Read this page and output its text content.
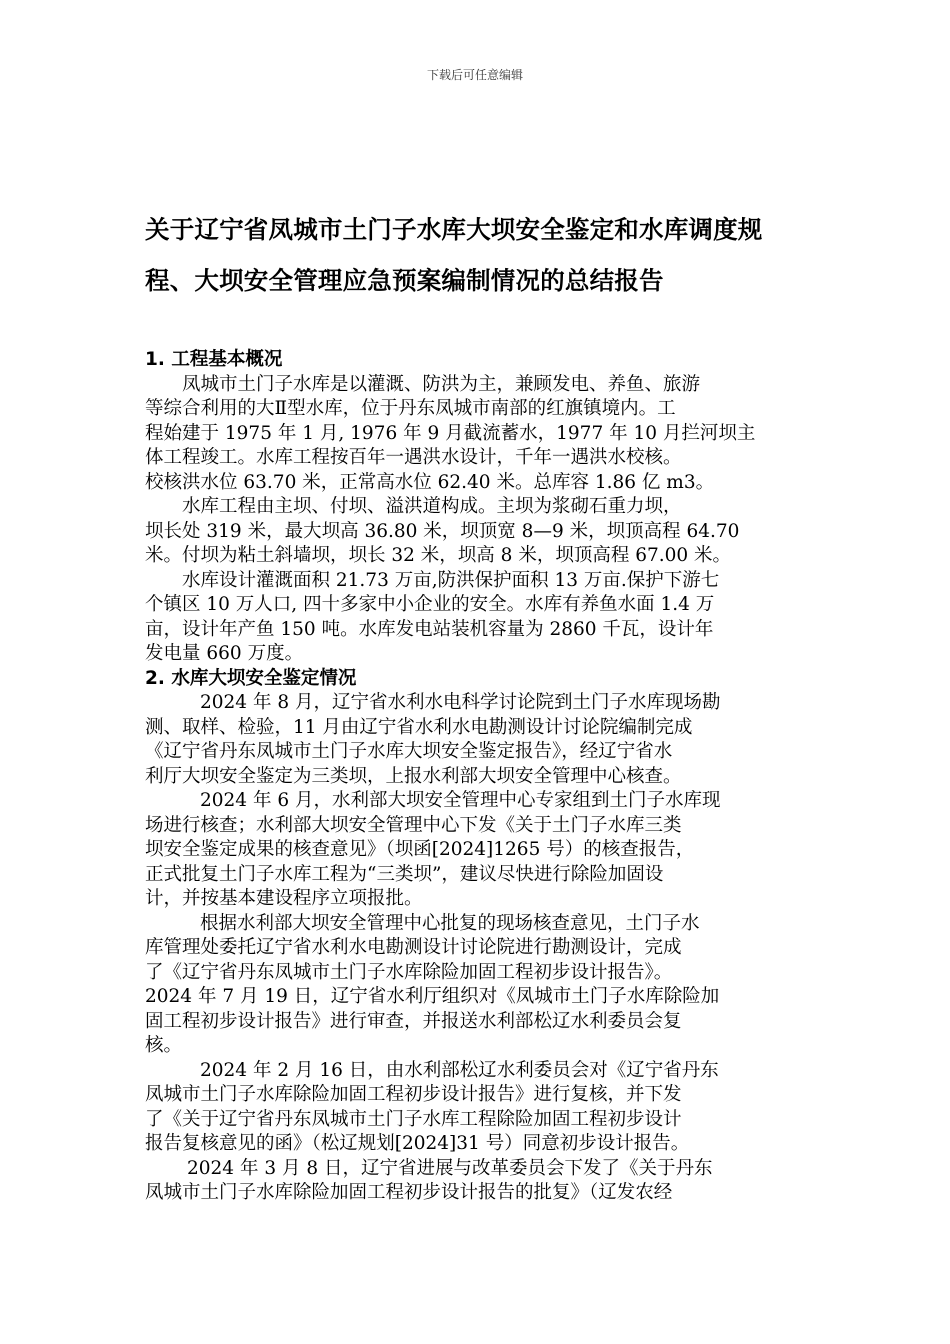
下载后可任意编辑
关于辽宁省凤城市土门子水库大坝安全鉴定和水库调度规
程、大坝安全管理应急预案编制情况的总结报告
1. 工程基本概况
凤城市土门子水库是以灌溉、防洪为主，兼顾发电、养鱼、旅游
等综合利用的大Ⅱ型水库，位于丹东凤城市南部的红旗镇境内。工
程始建于 1975 年 1 月, 1976 年 9 月截流蓄水，1977 年 10 月拦河坝主
体工程竣工。水库工程按百年一遇洪水设计，千年一遇洪水校核。
校核洪水位 63.70 米，正常高水位 62.40 米。总库容 1.86 亿 m3。
水库工程由主坝、付坝、溢洪道构成。主坝为浆砌石重力坝，
坝长处 319 米，最大坝高 36.80 米，坝顶宽 8—9 米，坝顶高程 64.70
米。付坝为粘土斜墙坝，坝长 32 米，坝高 8 米，坝顶高程 67.00 米。
水库设计灌溉面积 21.73 万亩,防洪保护面积 13 万亩.保护下游七
个镇区 10 万人口, 四十多家中小企业的安全。水库有养鱼水面 1.4 万
亩，设计年产鱼 150 吨。水库发电站装机容量为 2860 千瓦，设计年
发电量 660 万度。
2. 水库大坝安全鉴定情况
2024 年 8 月，辽宁省水利水电科学讨论院到土门子水库现场勘
测、取样、检验，11 月由辽宁省水利水电勘测设计讨论院编制完成
《辽宁省丹东凤城市土门子水库大坝安全鉴定报告》，经辽宁省水
利厅大坝安全鉴定为三类坝，上报水利部大坝安全管理中心核查。
2024 年 6 月，水利部大坝安全管理中心专家组到土门子水库现
场进行核查；水利部大坝安全管理中心下发《关于土门子水库三类
坝安全鉴定成果的核查意见》（坝函[2024]1265 号）的核查报告，
正式批复土门子水库工程为“三类坝”，建议尽快进行除险加固设
计，并按基本建设程序立项报批。
根据水利部大坝安全管理中心批复的现场核查意见，土门子水
库管理处委托辽宁省水利水电勘测设计讨论院进行勘测设计，完成
了《辽宁省丹东凤城市土门子水库除险加固工程初步设计报告》。
2024 年 7 月 19 日，辽宁省水利厅组织对《凤城市土门子水库除险加
固工程初步设计报告》进行审查，并报送水利部松辽水利委员会复
核。
2024 年 2 月 16 日，由水利部松辽水利委员会对《辽宁省丹东
凤城市土门子水库除险加固工程初步设计报告》进行复核，并下发
了《关于辽宁省丹东凤城市土门子水库工程除险加固工程初步设计
报告复核意见的函》（松辽规划[2024]31 号）同意初步设计报告。
2024 年 3 月 8 日，辽宁省进展与改革委员会下发了《关于丹东
凤城市土门子水库除险加固工程初步设计报告的批复》（辽发农经
